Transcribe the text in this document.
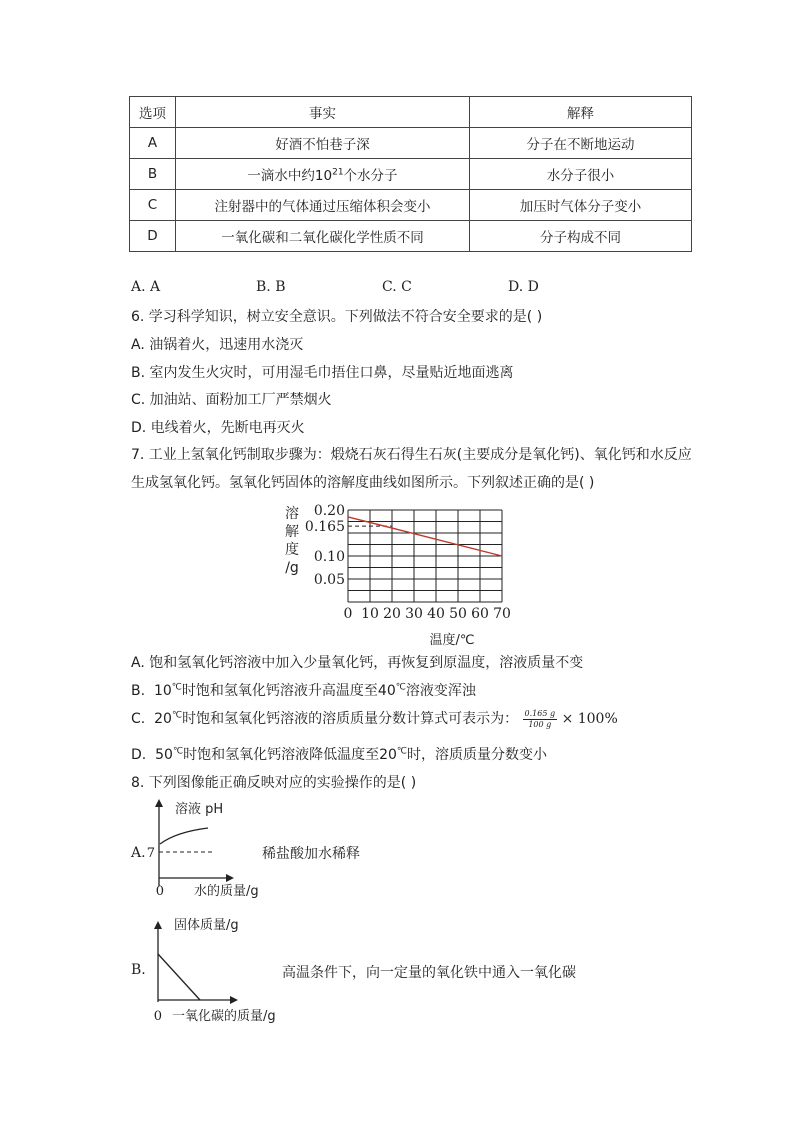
选项	事实	解释
A	好酒不怕巷子深	分子在不断地运动
B	一滴水中约$10^{21}$个水分子	水分子很小
C	注射器中的气体通过压缩体积会变小	加压时气体分子变小
D	一氧化碳和二氧化碳化学性质不同	分子构成不同
A. A	B. B	C. C	D. D
6. 学习科学知识，树立安全意识。下列做法不符合安全要求的是( )
A. 油锅着火，迅速用水浇灭
B. 室内发生火灾时，可用湿毛巾捂住口鼻，尽量贴近地面逃离
C. 加油站、面粉加工厂严禁烟火
D. 电线着火，先断电再灭火
7. 工业上氢氧化钙制取步骤为：煅烧石灰石得生石灰(主要成分是氧化钙)、氧化钙和水反应
生成氢氧化钙。氢氧化钙固体的溶解度曲线如图所示。下列叙述正确的是( )
0.20
0.165
0.10
0.05
0 10 20 30 40 50 60 70
溶
解
度
/g
温度/℃
A. 饱和氢氧化钙溶液中加入少量氧化钙，再恢复到原温度，溶液质量不变
B. 10℃时饱和氢氧化钙溶液升高温度至40℃溶液变浑浊
C. 20℃时饱和氢氧化钙溶液的溶质质量分数计算式可表示为： $\frac{0.165 g}{100 g} \times 100\%$
D. 50℃时饱和氢氧化钙溶液降低温度至20℃时，溶质质量分数变小
8. 下列图像能正确反映对应的实验操作的是( )
A.
溶液 pH
7
0 水的质量/g
稀盐酸加水稀释
B.
固体质量/g
0 一氧化碳的质量/g
高温条件下，向一定量的氧化铁中通入一氧化碳
